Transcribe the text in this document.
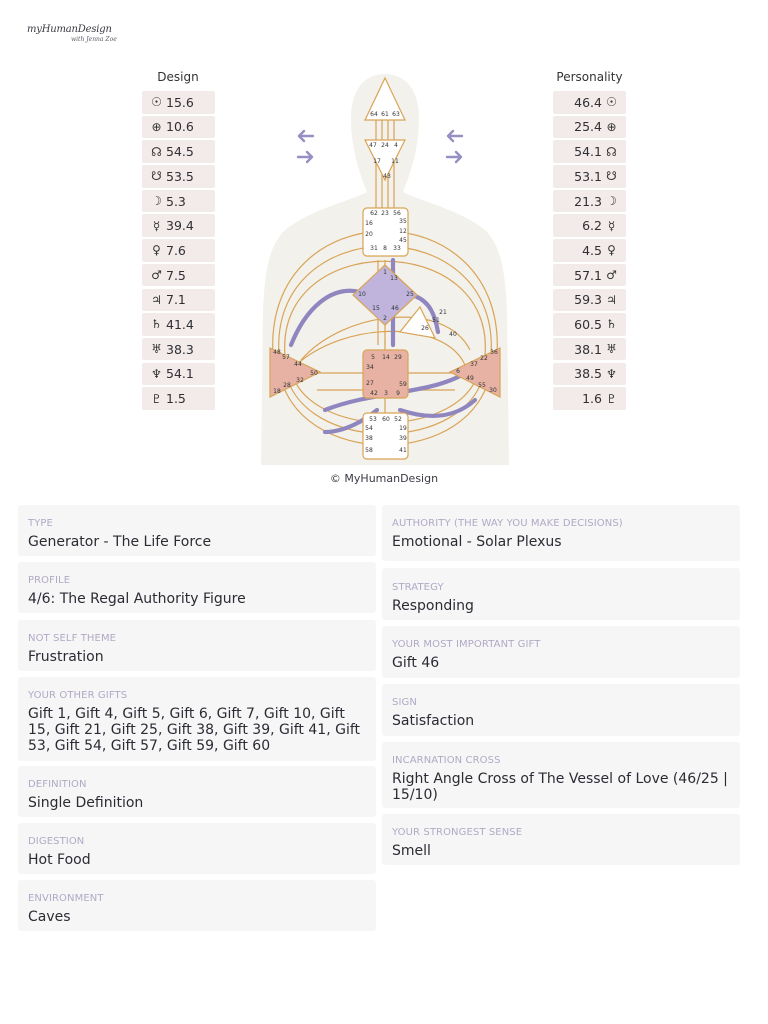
myHumanDesign
with Jenna Zoe
Design	Personality
☉ 15.6
⊕ 10.6
☊ 54.5
☋ 53.5
☽ 5.3
☿ 39.4
♀ 7.6
♂ 7.5
♃ 7.1
♄ 41.4
♅ 38.3
♆ 54.1
♇ 1.5
46.4 ☉
25.4 ⊕
54.1 ☊
53.1 ☋
21.3 ☽
6.2 ☿
4.5 ♀
57.1 ♂
59.3 ♃
60.5 ♄
38.1 ♅
38.5 ♆
1.6 ♇
64 61 63
47 24 4
17 11
43
62 23 56
16	35
20	12
45
31 8 33
1
13
10	25
15 46
2
21
51
26
40
48
57
44
50
28
32
18
5 14 29
34
27	59
42 3 9
36
22
37
6
49
55
30
53 60 52
54	19
38
58
39
41
© MyHumanDesign
TYPE
Generator - The Life Force
PROFILE
4/6: The Regal Authority Figure
NOT SELF THEME
Frustration
YOUR OTHER GIFTS
Gift 1, Gift 4, Gift 5, Gift 6, Gift 7, Gift 10, Gift 15, Gift 21, Gift 25, Gift 38, Gift 39, Gift 41, Gift 53, Gift 54, Gift 57, Gift 59, Gift 60
DEFINITION
Single Definition
DIGESTION
Hot Food
ENVIRONMENT
Caves
AUTHORITY (THE WAY YOU MAKE DECISIONS)
Emotional - Solar Plexus
STRATEGY
Responding
YOUR MOST IMPORTANT GIFT
Gift 46
SIGN
Satisfaction
INCARNATION CROSS
Right Angle Cross of The Vessel of Love (46/25 | 15/10)
YOUR STRONGEST SENSE
Smell
